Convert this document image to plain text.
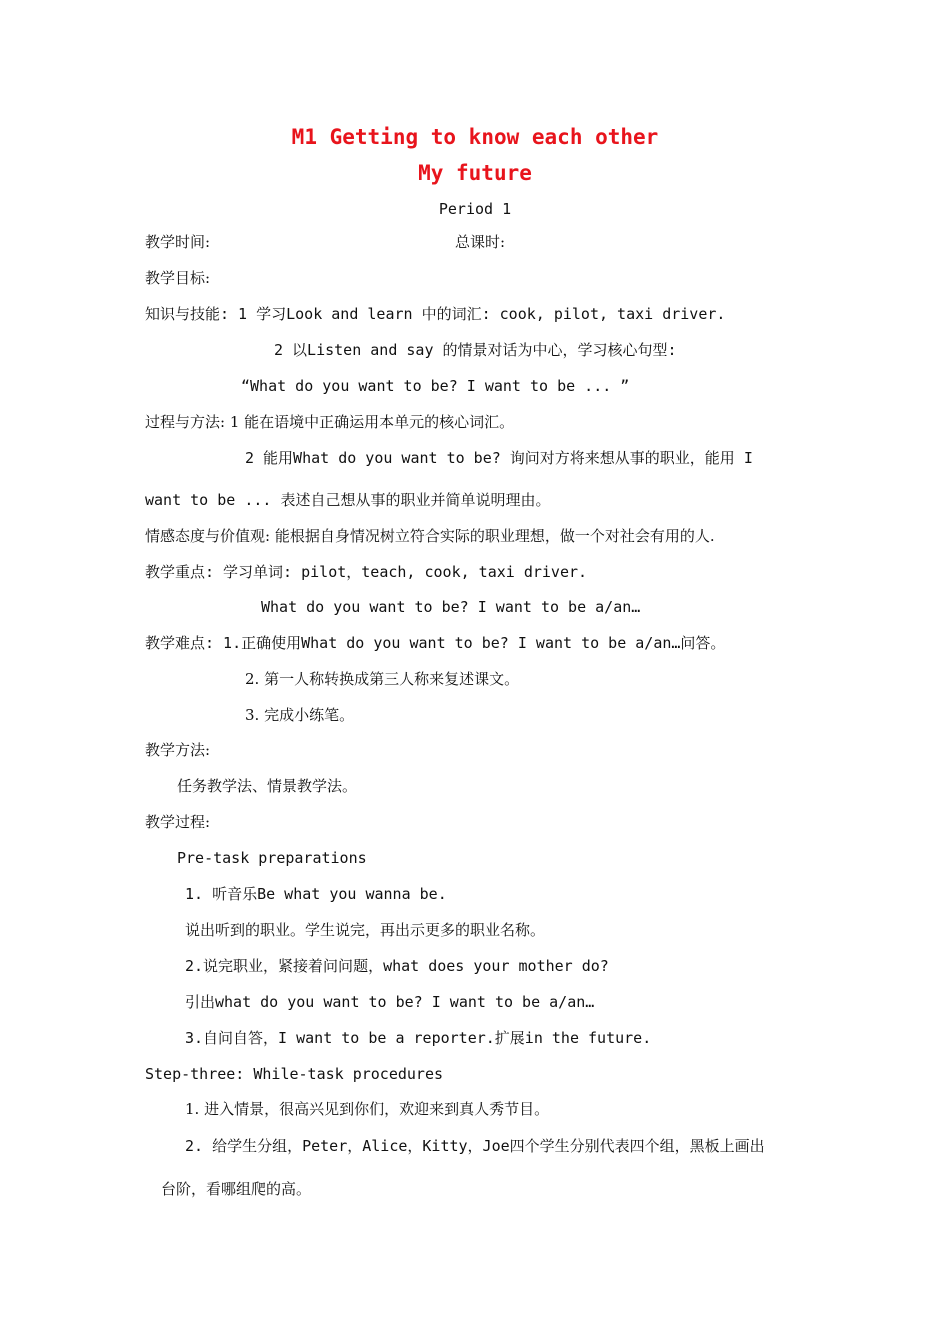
M1 Getting to know each other
My future
Period 1
教学时间:	总课时:
教学目标:
知识与技能: 1 学习Look and learn 中的词汇: cook, pilot, taxi driver.
2 以Listen and say 的情景对话为中心，学习核心句型:
“What do you want to be? I want to be ... ”
过程与方法: 1 能在语境中正确运用本单元的核心词汇。
2 能用What do you want to be? 询问对方将来想从事的职业，能用 I
want to be ... 表述自己想从事的职业并简单说明理由。
情感态度与价值观: 能根据自身情况树立符合实际的职业理想，做一个对社会有用的人.
教学重点: 学习单词: pilot，teach, cook, taxi driver.
What do you want to be? I want to be a/an…
教学难点: 1.正确使用What do you want to be? I want to be a/an…问答。
2. 第一人称转换成第三人称来复述课文。
3. 完成小练笔。
教学方法:
任务教学法、情景教学法。
教学过程:
Pre-task preparations
1. 听音乐Be what you wanna be.
说出听到的职业。学生说完，再出示更多的职业名称。
2.说完职业，紧接着问问题，what does your mother do?
引出what do you want to be? I want to be a/an…
3.自问自答，I want to be a reporter.扩展in the future.
Step-three: While-task procedures
1. 进入情景，很高兴见到你们，欢迎来到真人秀节目。
2. 给学生分组，Peter，Alice，Kitty，Joe四个学生分别代表四个组，黑板上画出
台阶，看哪组爬的高。
